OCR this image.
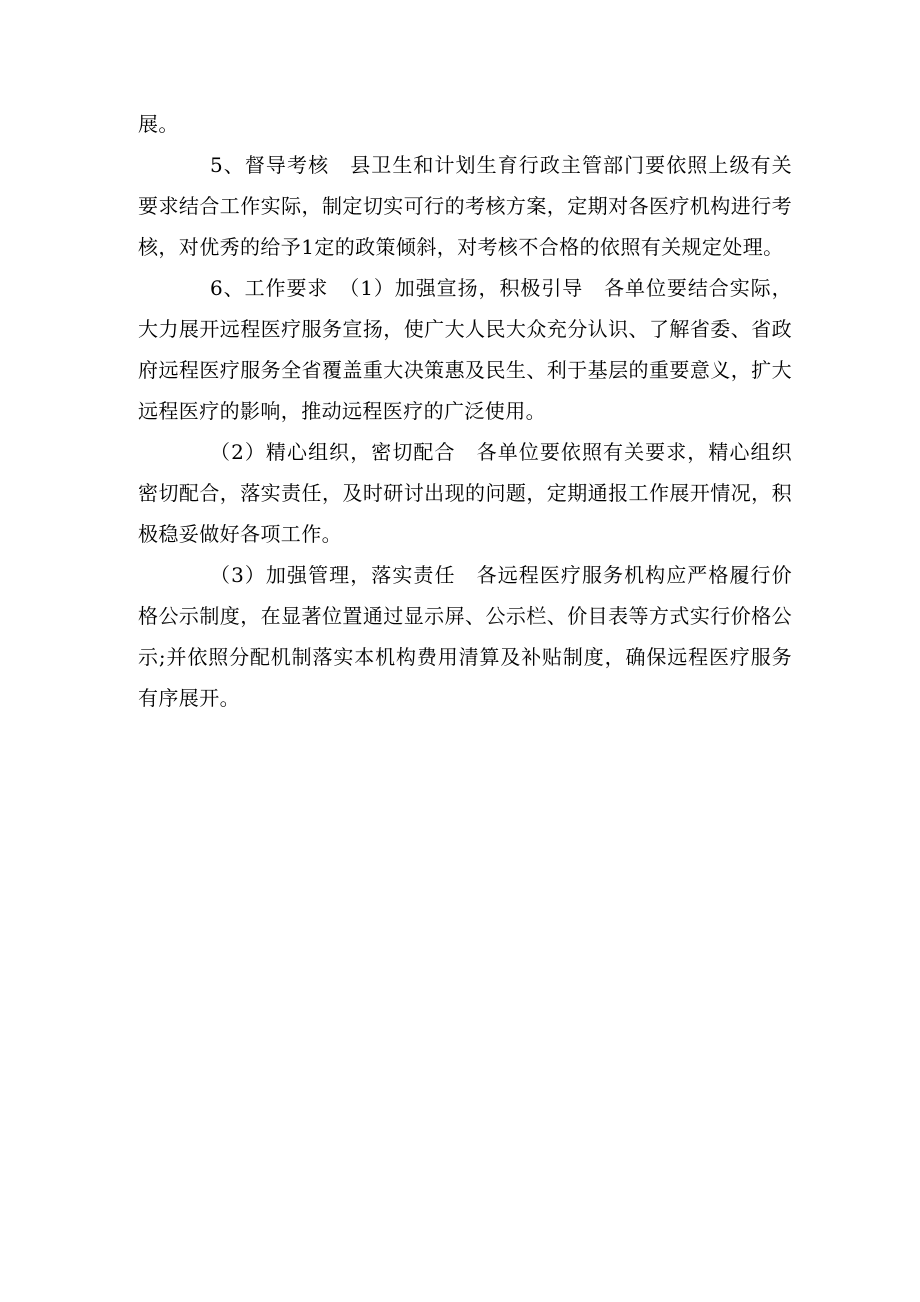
展。

5、督导考核　县卫生和计划生育行政主管部门要依照上级有关要求结合工作实际，制定切实可行的考核方案，定期对各医疗机构进行考核，对优秀的给予1定的政策倾斜，对考核不合格的依照有关规定处理。

6、工作要求　（1）加强宣扬，积极引导　各单位要结合实际，大力展开远程医疗服务宣扬，使广大人民大众充分认识、了解省委、省政府远程医疗服务全省覆盖重大决策惠及民生、利于基层的重要意义，扩大远程医疗的影响，推动远程医疗的广泛使用。

（2）精心组织，密切配合　各单位要依照有关要求，精心组织密切配合，落实责任，及时研讨出现的问题，定期通报工作展开情况，积极稳妥做好各项工作。

（3）加强管理，落实责任　各远程医疗服务机构应严格履行价格公示制度，在显著位置通过显示屏、公示栏、价目表等方式实行价格公示;并依照分配机制落实本机构费用清算及补贴制度，确保远程医疗服务有序展开。
